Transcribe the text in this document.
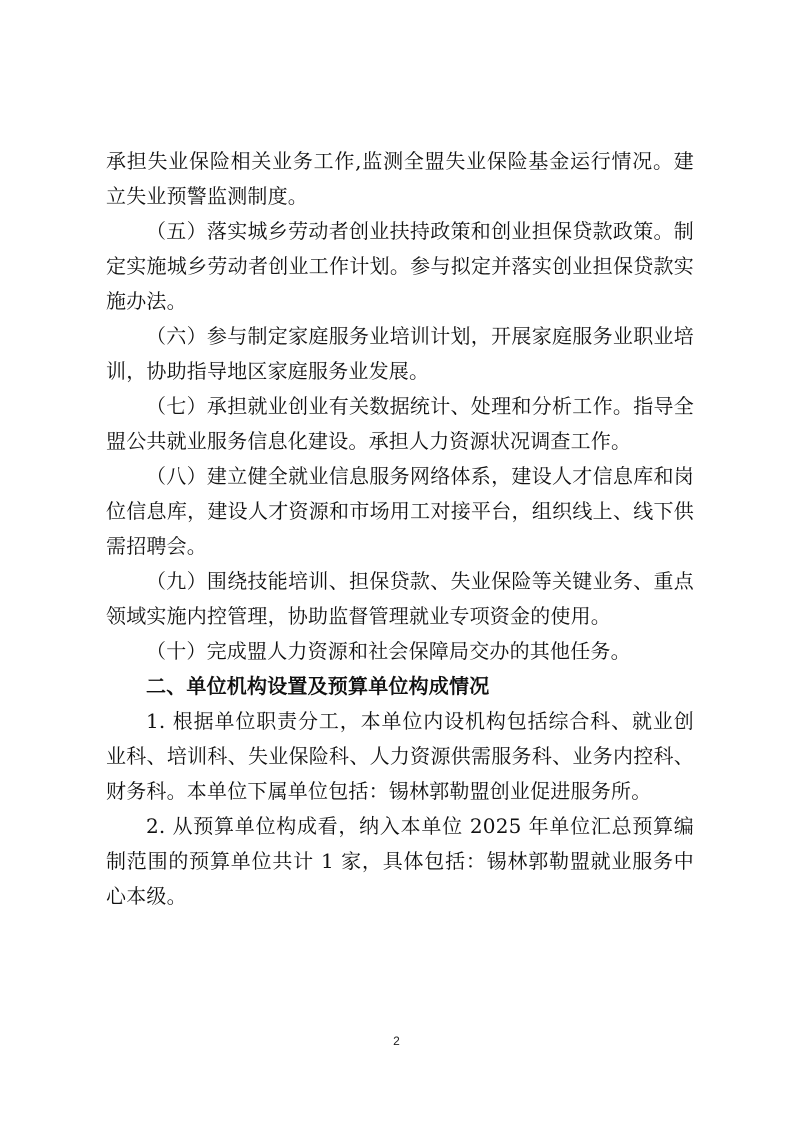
承担失业保险相关业务工作,监测全盟失业保险基金运行情况。建立失业预警监测制度。

（五）落实城乡劳动者创业扶持政策和创业担保贷款政策。制定实施城乡劳动者创业工作计划。参与拟定并落实创业担保贷款实施办法。

（六）参与制定家庭服务业培训计划，开展家庭服务业职业培训，协助指导地区家庭服务业发展。

（七）承担就业创业有关数据统计、处理和分析工作。指导全盟公共就业服务信息化建设。承担人力资源状况调查工作。

（八）建立健全就业信息服务网络体系，建设人才信息库和岗位信息库，建设人才资源和市场用工对接平台，组织线上、线下供需招聘会。

（九）围绕技能培训、担保贷款、失业保险等关键业务、重点领域实施内控管理，协助监督管理就业专项资金的使用。

（十）完成盟人力资源和社会保障局交办的其他任务。

二、单位机构设置及预算单位构成情况

1. 根据单位职责分工，本单位内设机构包括综合科、就业创业科、培训科、失业保险科、人力资源供需服务科、业务内控科、财务科。本单位下属单位包括：锡林郭勒盟创业促进服务所。

2. 从预算单位构成看，纳入本单位 2025 年单位汇总预算编制范围的预算单位共计 1 家，具体包括：锡林郭勒盟就业服务中心本级。

2
